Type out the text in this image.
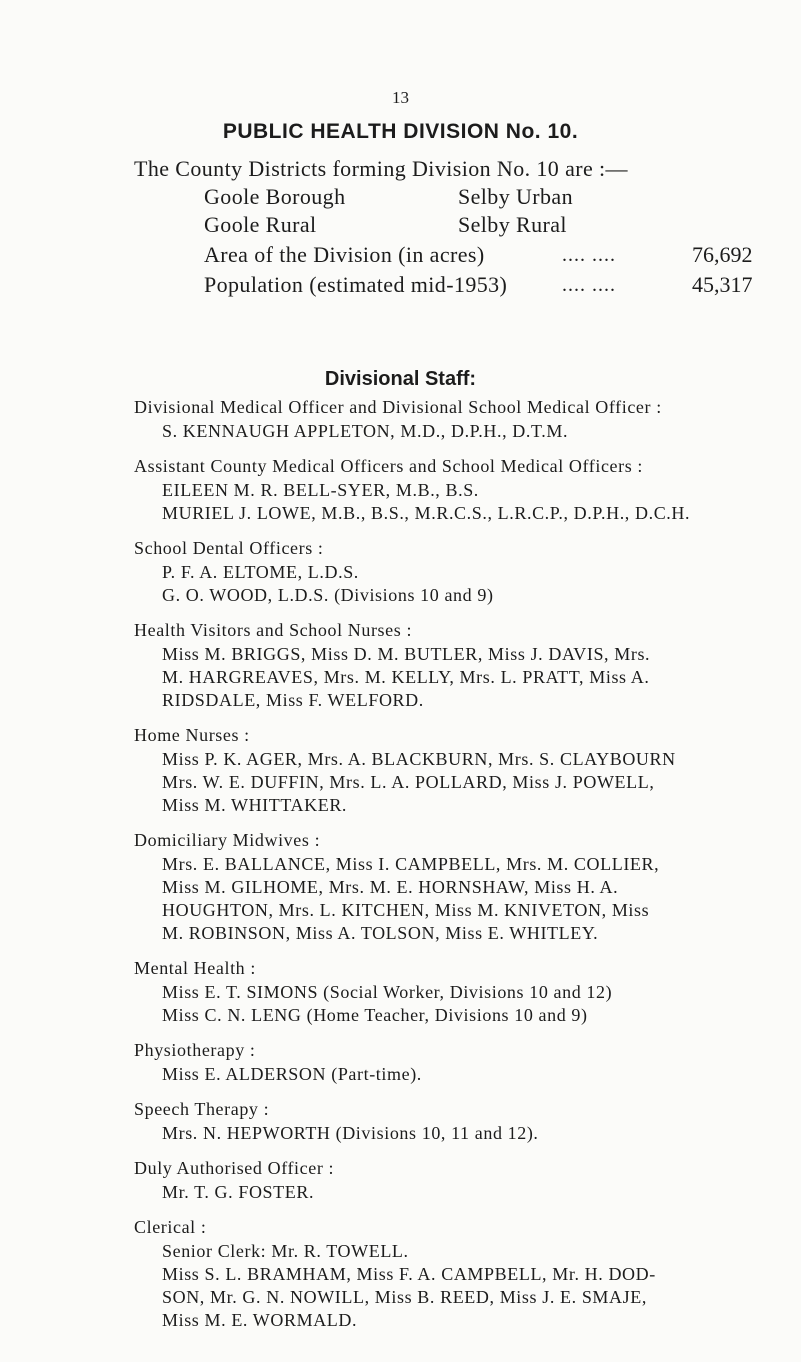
13
PUBLIC HEALTH DIVISION No. 10.
The County Districts forming Division No. 10 are :—
Goole Borough	Selby Urban
Goole Rural	Selby Rural
Area of the Division (in acres)	.... ....	76,692
Population (estimated mid-1953)	.... ....	45,317
Divisional Staff:
Divisional Medical Officer and Divisional School Medical Officer :
S. KENNAUGH APPLETON, M.D., D.P.H., D.T.M.
Assistant County Medical Officers and School Medical Officers :
EILEEN M. R. BELL-SYER, M.B., B.S.
MURIEL J. LOWE, M.B., B.S., M.R.C.S., L.R.C.P., D.P.H., D.C.H.
School Dental Officers :
P. F. A. ELTOME, L.D.S.
G. O. WOOD, L.D.S. (Divisions 10 and 9)
Health Visitors and School Nurses :
Miss M. BRIGGS, Miss D. M. BUTLER, Miss J. DAVIS, Mrs.
M. HARGREAVES, Mrs. M. KELLY, Mrs. L. PRATT, Miss A.
RIDSDALE, Miss F. WELFORD.
Home Nurses :
Miss P. K. AGER, Mrs. A. BLACKBURN, Mrs. S. CLAYBOURN
Mrs. W. E. DUFFIN, Mrs. L. A. POLLARD, Miss J. POWELL,
Miss M. WHITTAKER.
Domiciliary Midwives :
Mrs. E. BALLANCE, Miss I. CAMPBELL, Mrs. M. COLLIER,
Miss M. GILHOME, Mrs. M. E. HORNSHAW, Miss H. A.
HOUGHTON, Mrs. L. KITCHEN, Miss M. KNIVETON, Miss
M. ROBINSON, Miss A. TOLSON, Miss E. WHITLEY.
Mental Health :
Miss E. T. SIMONS (Social Worker, Divisions 10 and 12)
Miss C. N. LENG (Home Teacher, Divisions 10 and 9)
Physiotherapy :
Miss E. ALDERSON (Part-time).
Speech Therapy :
Mrs. N. HEPWORTH (Divisions 10, 11 and 12).
Duly Authorised Officer :
Mr. T. G. FOSTER.
Clerical :
Senior Clerk: Mr. R. TOWELL.
Miss S. L. BRAMHAM, Miss F. A. CAMPBELL, Mr. H. DOD-
SON, Mr. G. N. NOWILL, Miss B. REED, Miss J. E. SMAJE,
Miss M. E. WORMALD.
